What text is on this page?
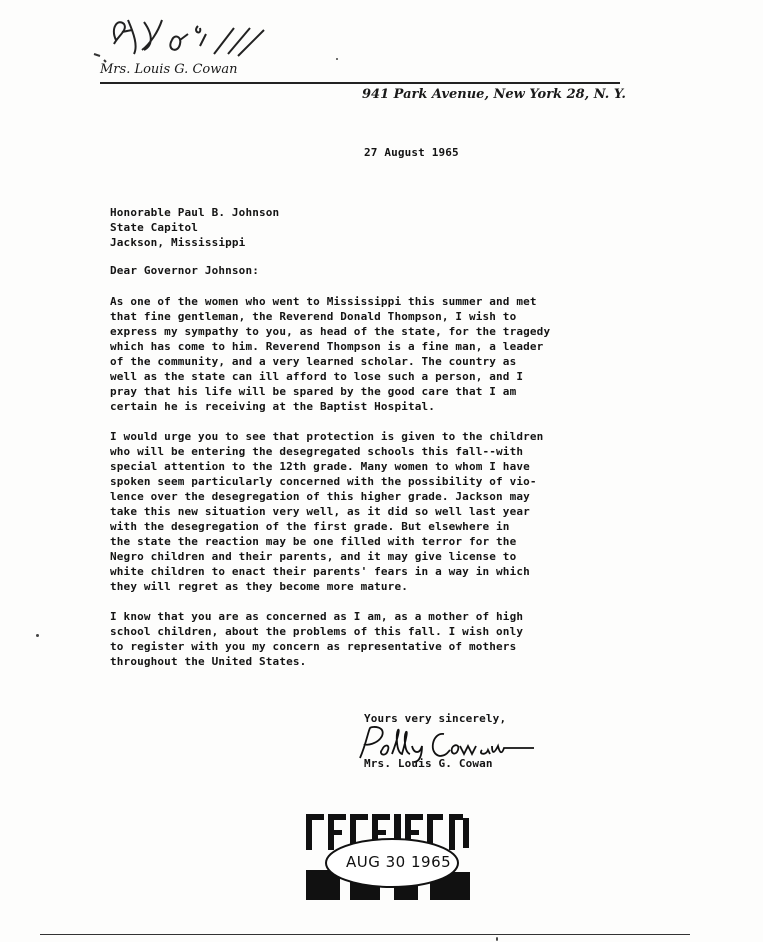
Mrs. Louis G. Cowan
941 Park Avenue, New York 28, N. Y.
27 August 1965
Honorable Paul B. Johnson
State Capitol
Jackson, Mississippi
Dear Governor Johnson:
As one of the women who went to Mississippi this summer and met
that fine gentleman, the Reverend Donald Thompson, I wish to
express my sympathy to you, as head of the state, for the tragedy
which has come to him. Reverend Thompson is a fine man, a leader
of the community, and a very learned scholar. The country as
well as the state can ill afford to lose such a person, and I
pray that his life will be spared by the good care that I am
certain he is receiving at the Baptist Hospital.
I would urge you to see that protection is given to the children
who will be entering the desegregated schools this fall--with
special attention to the 12th grade. Many women to whom I have
spoken seem particularly concerned with the possibility of vio-
lence over the desegregation of this higher grade. Jackson may
take this new situation very well, as it did so well last year
with the desegregation of the first grade. But elsewhere in
the state the reaction may be one filled with terror for the
Negro children and their parents, and it may give license to
white children to enact their parents' fears in a way in which
they will regret as they become more mature.
I know that you are as concerned as I am, as a mother of high
school children, about the problems of this fall. I wish only
to register with you my concern as representative of mothers
throughout the United States.
Yours very sincerely,
Mrs. Louis G. Cowan
AUG 30 1965
